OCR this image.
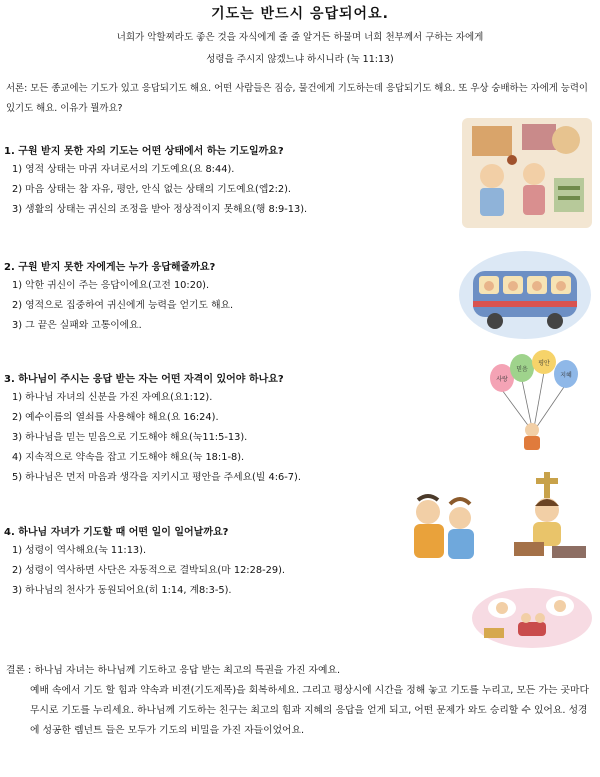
기도는 반드시 응답되어요.
너희가 악할찌라도 좋은 것을 자식에게 줄 줄 알거든 하물며 너희 천부께서 구하는 자에게
성령을 주시지 않겠느냐 하시니라 (눅 11:13)
서론: 모든 종교에는 기도가 있고 응답되기도 해요. 어떤 사람들은 짐승, 물건에게 기도하는데 응답되기도 해요. 또 우상 숭배하는 자에게 능력이 있기도 해요. 이유가 뭘까요?
1. 구원 받지 못한 자의 기도는 어떤 상태에서 하는 기도일까요?
1) 영적 상태는 마귀 자녀로서의 기도예요(요 8:44).
2) 마음 상태는 참 자유, 평안, 안식 없는 상태의 기도예요(엡2:2).
3) 생활의 상태는 귀신의 조정을 받아 정상적이지 못해요(행 8:9-13).
2. 구원 받지 못한 자에게는 누가 응답해줄까요?
1) 악한 귀신이 주는 응답이에요(고전 10:20).
2) 영적으로 집중하여 귀신에게 능력을 얻기도 해요.
3) 그 끝은 실패와 고통이에요.
3. 하나님이 주시는 응답 받는 자는 어떤 자격이 있어야 하나요?
1) 하나님 자녀의 신분을 가진 자예요(요1:12).
2) 예수이름의 열쇠를 사용해야 해요(요 16:24).
3) 하나님을 믿는 믿음으로 기도해야 해요(눅11:5-13).
4) 지속적으로 약속을 잡고 기도해야 해요(눅 18:1-8).
5) 하나님은 먼저 마음과 생각을 지키시고 평안을 주세요(빌 4:6-7).
4. 하나님 자녀가 기도할 때 어떤 일이 일어날까요?
1) 성령이 역사해요(눅 11:13).
2) 성령이 역사하면 사단은 자동적으로 결박되요(마 12:28-29).
3) 하나님의 천사가 동원되어요(히 1:14, 계8:3-5).
결론 : 하나님 자녀는 하나님께 기도하고 응답 받는 최고의 특권을 가진 자예요.
예배 속에서 기도 할 힘과 약속과 비젼(기도제목)을 회복하세요. 그리고 평상시에 시간을 정해 놓고 기도를 누리고, 모든 가는 곳마다 무시로 기도를 누리세요. 하나님께 기도하는 친구는 최고의 힘과 지혜의 응답을 얻게 되고, 어떤 문제가 와도 승리할 수 있어요. 성경에 성공한 렘넌트 들은 모두가 기도의 비밀을 가진 자들이었어요.
사랑
믿음
평안
지혜
